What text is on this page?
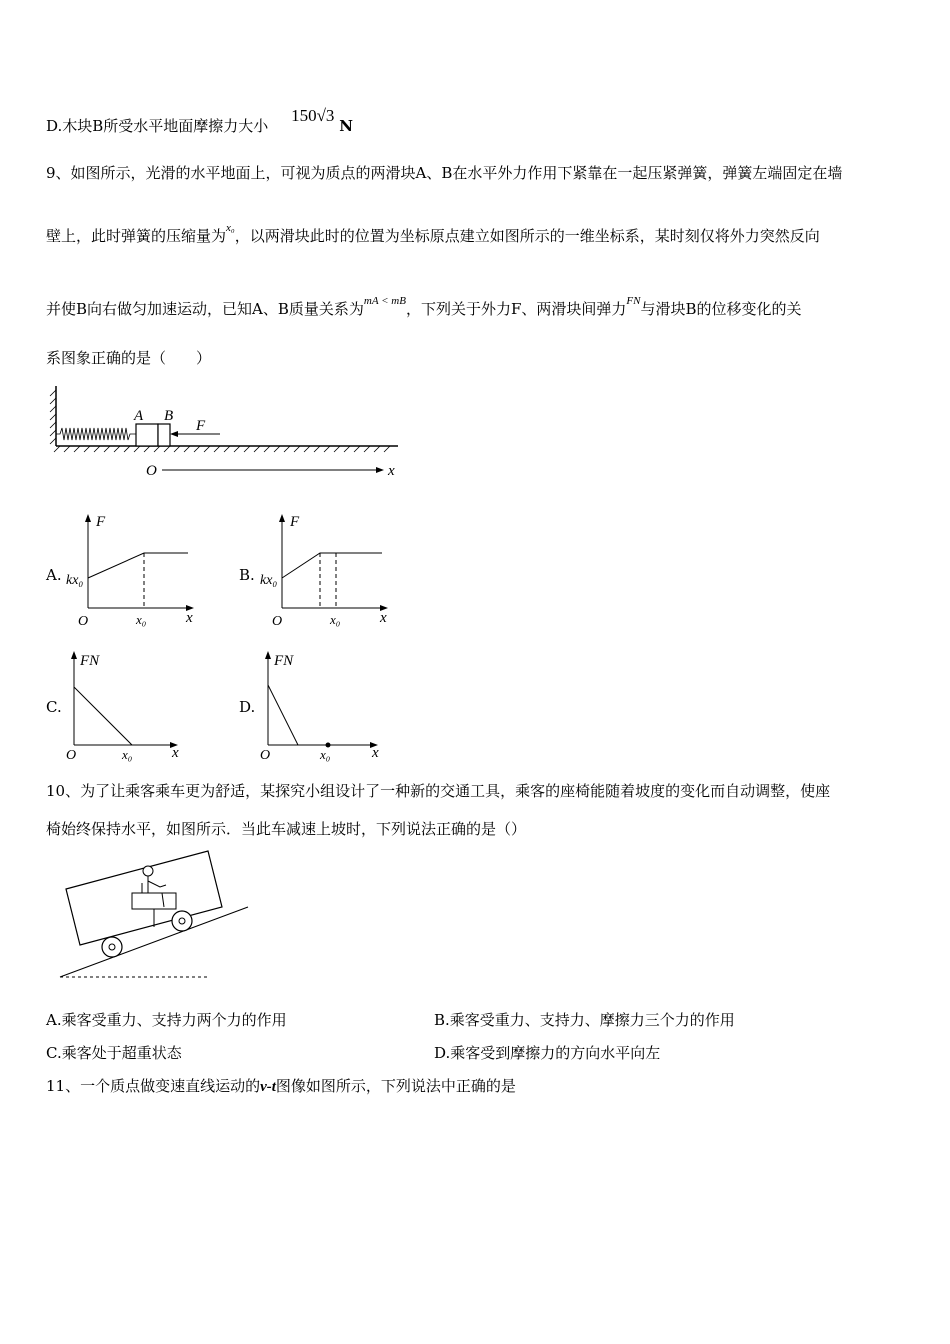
D.木块B所受水平地面摩擦力大小 150√3 N
9、如图所示，光滑的水平地面上，可视为质点的两滑块A、B在水平外力作用下紧靠在一起压紧弹簧，弹簧左端固定在墙
壁上，此时弹簧的压缩量为$^{x_0}$，以两滑块此时的位置为坐标原点建立如图所示的一维坐标系，某时刻仅将外力突然反向
并使B向右做匀加速运动，已知A、B质量关系为$^{mA < mB}$，下列关于外力F、两滑块间弹力$^{FN}$与滑块B的位移变化的关
系图象正确的是（　　）
A B
F
O	x
A.
F
kx₀
O	x₀	x
B.
F
kx₀
O	x₀	x
C.
FN
O	x₀	x
D.
FN
O	x₀	x
10、为了让乘客乘车更为舒适，某探究小组设计了一种新的交通工具，乘客的座椅能随着坡度的变化而自动调整，使座
椅始终保持水平，如图所示．当此车减速上坡时，下列说法正确的是（）
A.乘客受重力、支持力两个力的作用	B.乘客受重力、支持力、摩擦力三个力的作用
C.乘客处于超重状态	D.乘客受到摩擦力的方向水平向左
11、一个质点做变速直线运动的v-t图像如图所示，下列说法中正确的是
